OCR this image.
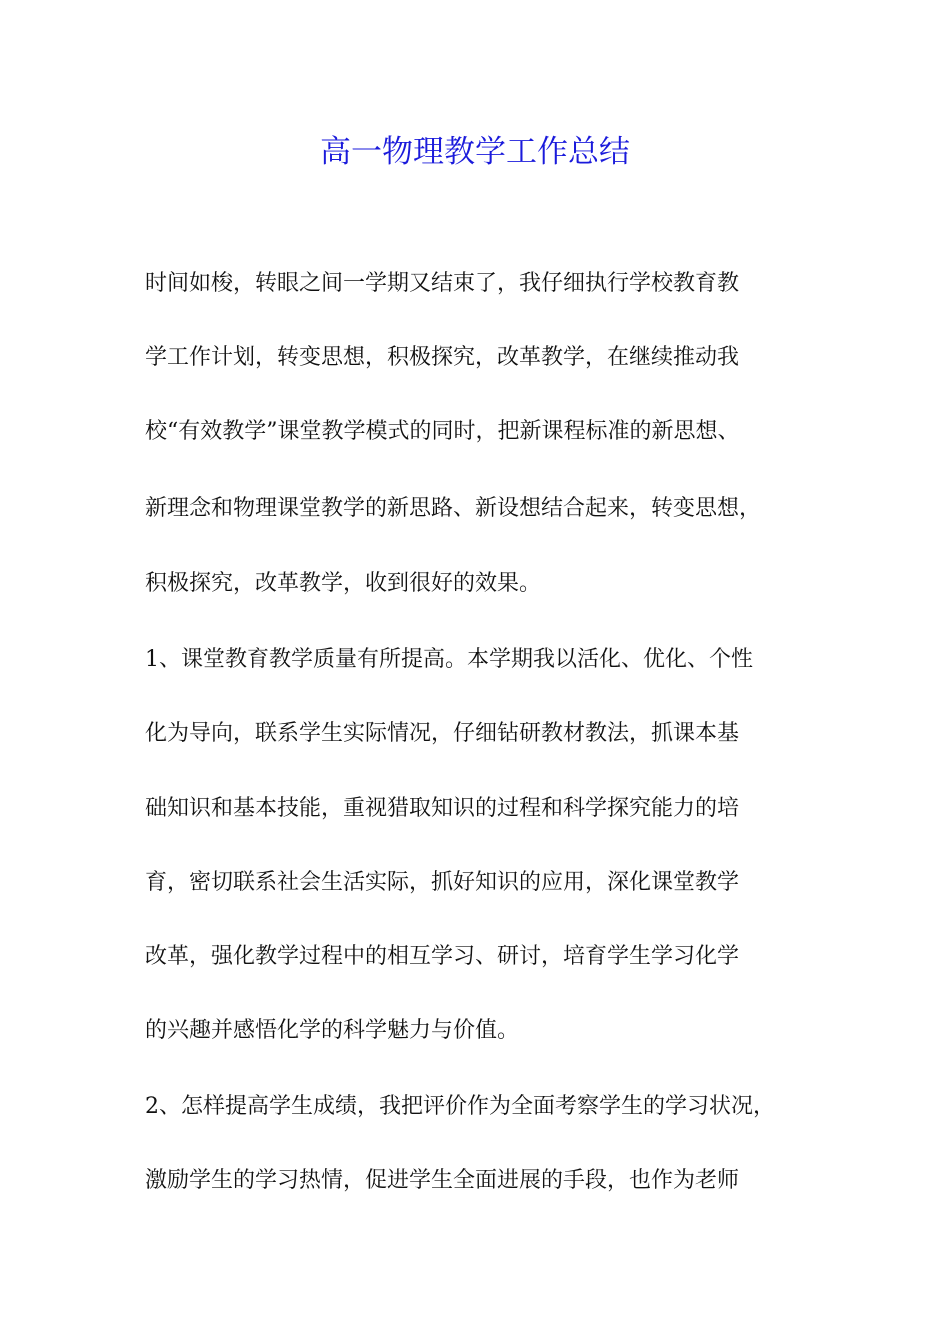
高一物理教学工作总结
时间如梭，转眼之间一学期又结束了，我仔细执行学校教育教
学工作计划，转变思想，积极探究，改革教学，在继续推动我
校“有效教学”课堂教学模式的同时，把新课程标准的新思想、
新理念和物理课堂教学的新思路、新设想结合起来，转变思想，
积极探究，改革教学，收到很好的效果。
1、课堂教育教学质量有所提高。本学期我以活化、优化、个性
化为导向，联系学生实际情况，仔细钻研教材教法，抓课本基
础知识和基本技能，重视猎取知识的过程和科学探究能力的培
育，密切联系社会生活实际，抓好知识的应用，深化课堂教学
改革，强化教学过程中的相互学习、研讨，培育学生学习化学
的兴趣并感悟化学的科学魅力与价值。
2、怎样提高学生成绩，我把评价作为全面考察学生的学习状况，
激励学生的学习热情，促进学生全面进展的手段，也作为老师
